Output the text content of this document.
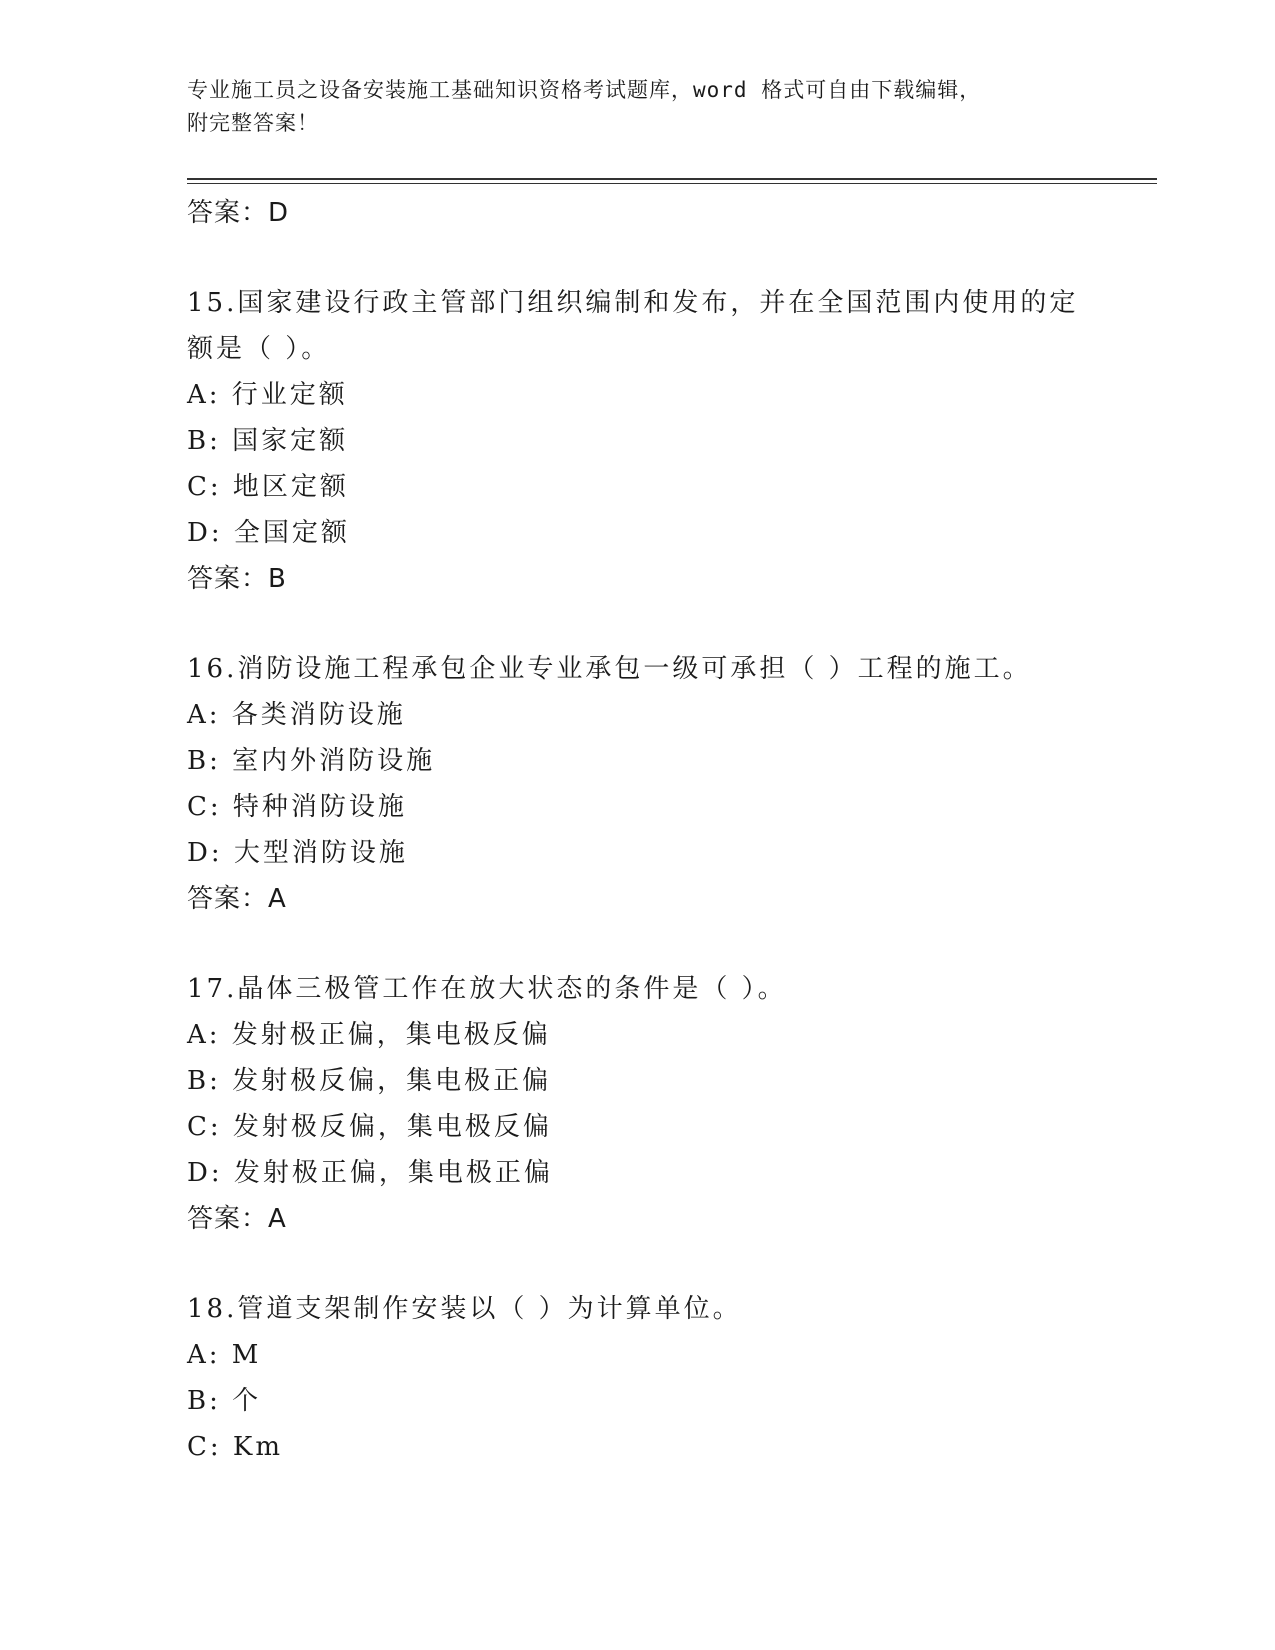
专业施工员之设备安装施工基础知识资格考试题库，word 格式可自由下载编辑，
附完整答案！
答案：D
15.国家建设行政主管部门组织编制和发布，并在全国范围内使用的定
额是（ ）。
A: 行业定额
B: 国家定额
C: 地区定额
D: 全国定额
答案：B
16.消防设施工程承包企业专业承包一级可承担（ ）工程的施工。
A: 各类消防设施
B: 室内外消防设施
C: 特种消防设施
D: 大型消防设施
答案：A
17.晶体三极管工作在放大状态的条件是（ ）。
A: 发射极正偏，集电极反偏
B: 发射极反偏，集电极正偏
C: 发射极反偏，集电极反偏
D: 发射极正偏，集电极正偏
答案：A
18.管道支架制作安装以（ ）为计算单位。
A: M
B: 个
C: Km
